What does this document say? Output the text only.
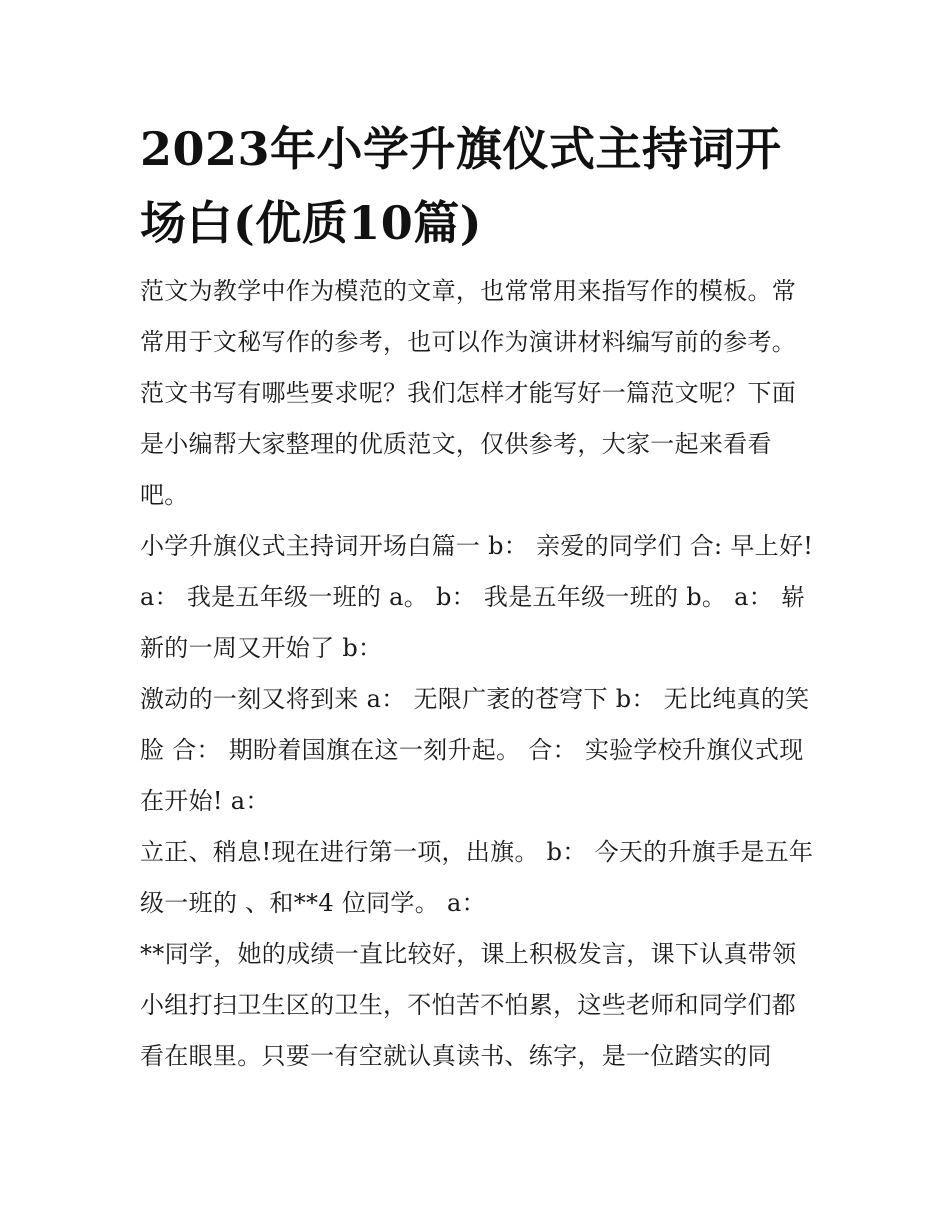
2023年小学升旗仪式主持词开场白(优质10篇)

范文为教学中作为模范的文章，也常常用来指写作的模板。常常用于文秘写作的参考，也可以作为演讲材料编写前的参考。范文书写有哪些要求呢？我们怎样才能写好一篇范文呢？下面是小编帮大家整理的优质范文，仅供参考，大家一起来看看吧。

小学升旗仪式主持词开场白篇一 b： 亲爱的同学们 合: 早上好! a： 我是五年级一班的 a。 b： 我是五年级一班的 b。 a： 崭新的一周又开始了 b：

激动的一刻又将到来 a： 无限广袤的苍穹下 b： 无比纯真的笑脸 合： 期盼着国旗在这一刻升起。 合： 实验学校升旗仪式现在开始! a：

立正、稍息!现在进行第一项，出旗。 b： 今天的升旗手是五年级一班的 、和**4 位同学。 a：

**同学，她的成绩一直比较好，课上积极发言，课下认真带领小组打扫卫生区的卫生，不怕苦不怕累，这些老师和同学们都看在眼里。只要一有空就认真读书、练字，是一位踏实的同
